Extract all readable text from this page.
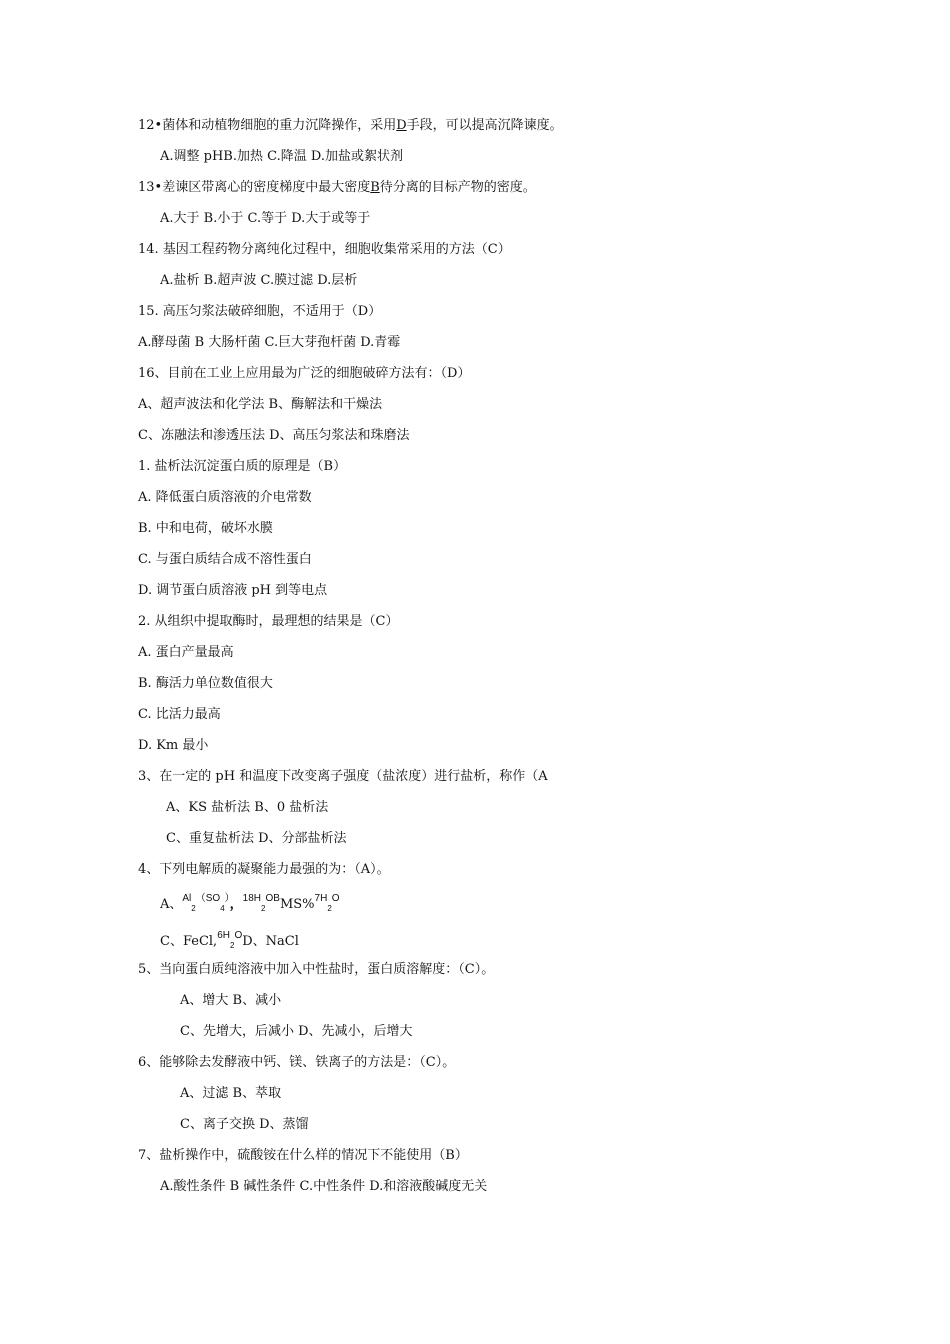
12•菌体和动植物细胞的重力沉降操作，采用D手段，可以提高沉降谏度。
A.调整 pHB.加热 C.降温 D.加盐或絮状剂
13•差谏区带离心的密度梯度中最大密度B待分离的目标产物的密度。
A.大于 B.小于 C.等于 D.大于或等于
14. 基因工程药物分离纯化过程中，细胞收集常采用的方法（C）
A.盐析 B.超声波 C.膜过滤 D.层析
15. 高压匀浆法破碎细胞，不适用于（D）
A.酵母菌 B 大肠杆菌 C.巨大芽孢杆菌 D.青霉
16、目前在工业上应用最为广泛的细胞破碎方法有：（D）
A、超声波法和化学法 B、酶解法和干燥法
C、冻融法和渗透压法 D、高压匀浆法和珠磨法
1. 盐析法沉淀蛋白质的原理是（B）
A. 降低蛋白质溶液的介电常数
B. 中和电荷，破坏水膜
C. 与蛋白质结合成不溶性蛋白
D. 调节蛋白质溶液 pH 到等电点
2. 从组织中提取酶时，最理想的结果是（C）
A. 蛋白产量最高
B. 酶活力单位数值很大
C. 比活力最高
D. Km 最小
3、在一定的 pH 和温度下改变离子强度（盐浓度）进行盐析，称作（A
A、KS 盐析法 B、0 盐析法
C、重复盐析法 D、分部盐析法
4、下列电解质的凝聚能力最强的为：（A）。
A、$^{Al}_2^{(SO}_4$），$^{18H}_2^{OB}$MS%$^{7H}_2^O$
C、FeCl,$^{6H}_2^O$D、NaCl
5、当向蛋白质纯溶液中加入中性盐时，蛋白质溶解度：（C）。
A、增大 B、减小
C、先增大，后减小 D、先减小，后增大
6、能够除去发酵液中钙、镁、铁离子的方法是：（C）。
A、过滤 B、萃取
C、离子交换 D、蒸馏
7、盐析操作中，硫酸铵在什么样的情况下不能使用（B）
A.酸性条件 B 碱性条件 C.中性条件 D.和溶液酸碱度无关
